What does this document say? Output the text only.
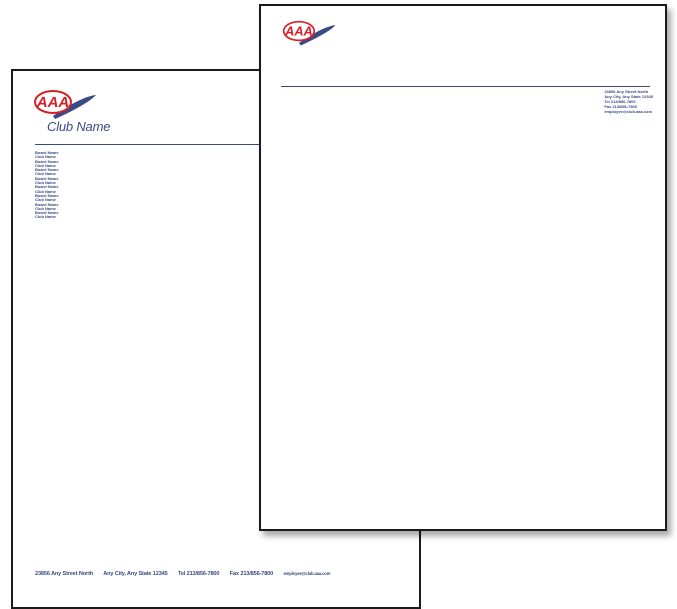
AAA
Club Name
Board Name
Club Name
Board Name
Club Name
Board Name
Club Name
Board Name
Club Name
Board Name
Club Name
Board Name
Club Name
Board Name
Club Name
Board Name
Club Name
23856 Any Street North Any City, Any State 12345 Tel 213/856-7800 Fax 213/856-7800 employee@club.aaa.com
AAA
23856 Any Street North
Any City, Any State 12345
Tel 213/856-7800
Fax 213/856-7800
employee@club.aaa.com
